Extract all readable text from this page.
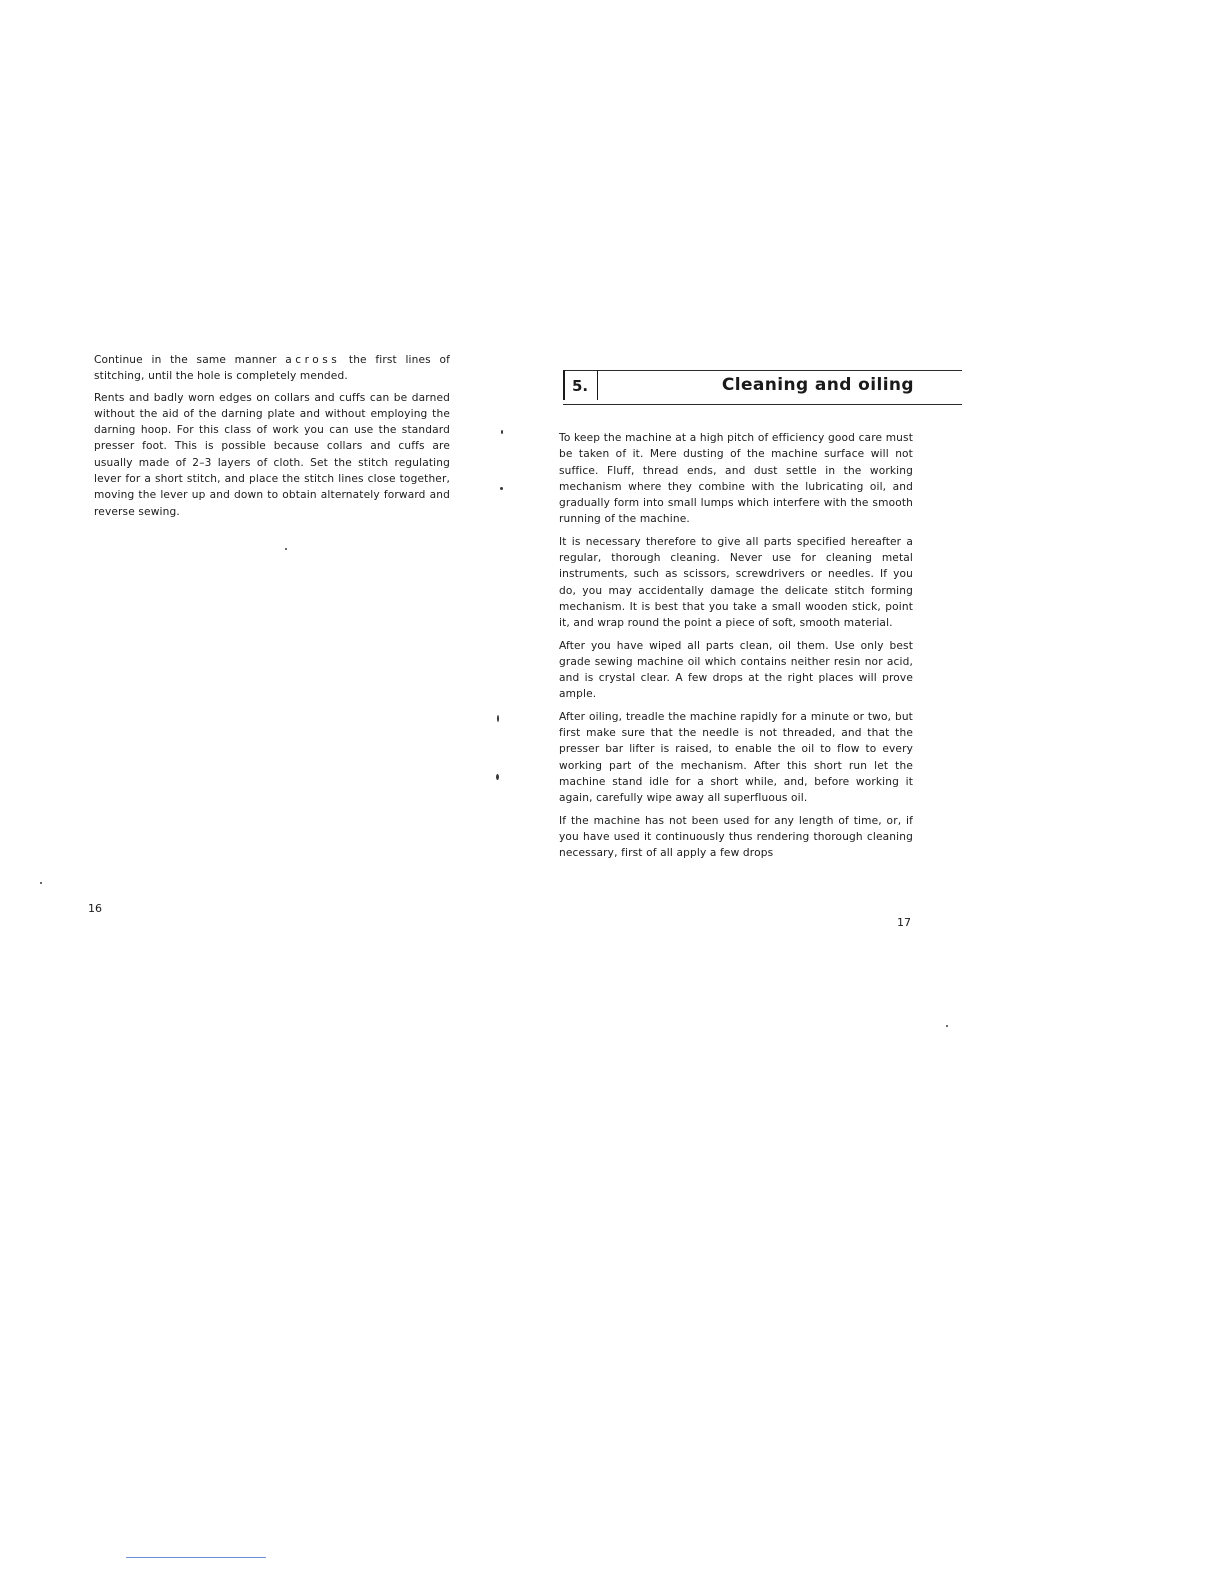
Continue in the same manner across the first lines of stitching, until the hole is completely mended.

Rents and badly worn edges on collars and cuffs can be darned without the aid of the darning plate and without employing the darning hoop. For this class of work you can use the standard presser foot. This is possible because collars and cuffs are usually made of 2–3 layers of cloth. Set the stitch regulating lever for a short stitch, and place the stitch lines close together, moving the lever up and down to obtain alternately forward and reverse sewing.

16
5.	Cleaning and oiling

To keep the machine at a high pitch of efficiency good care must be taken of it. Mere dusting of the machine surface will not suffice. Fluff, thread ends, and dust settle in the working mechanism where they combine with the lubricating oil, and gradually form into small lumps which interfere with the smooth running of the machine.

It is necessary therefore to give all parts specified hereafter a regular, thorough cleaning. Never use for cleaning metal instruments, such as scissors, screwdrivers or needles. If you do, you may accidentally damage the delicate stitch forming mechanism. It is best that you take a small wooden stick, point it, and wrap round the point a piece of soft, smooth material.

After you have wiped all parts clean, oil them. Use only best grade sewing machine oil which contains neither resin nor acid, and is crystal clear. A few drops at the right places will prove ample.

After oiling, treadle the machine rapidly for a minute or two, but first make sure that the needle is not threaded, and that the presser bar lifter is raised, to enable the oil to flow to every working part of the mechanism. After this short run let the machine stand idle for a short while, and, before working it again, carefully wipe away all superfluous oil.

If the machine has not been used for any length of time, or, if you have used it continuously thus rendering thorough cleaning necessary, first of all apply a few drops

17
